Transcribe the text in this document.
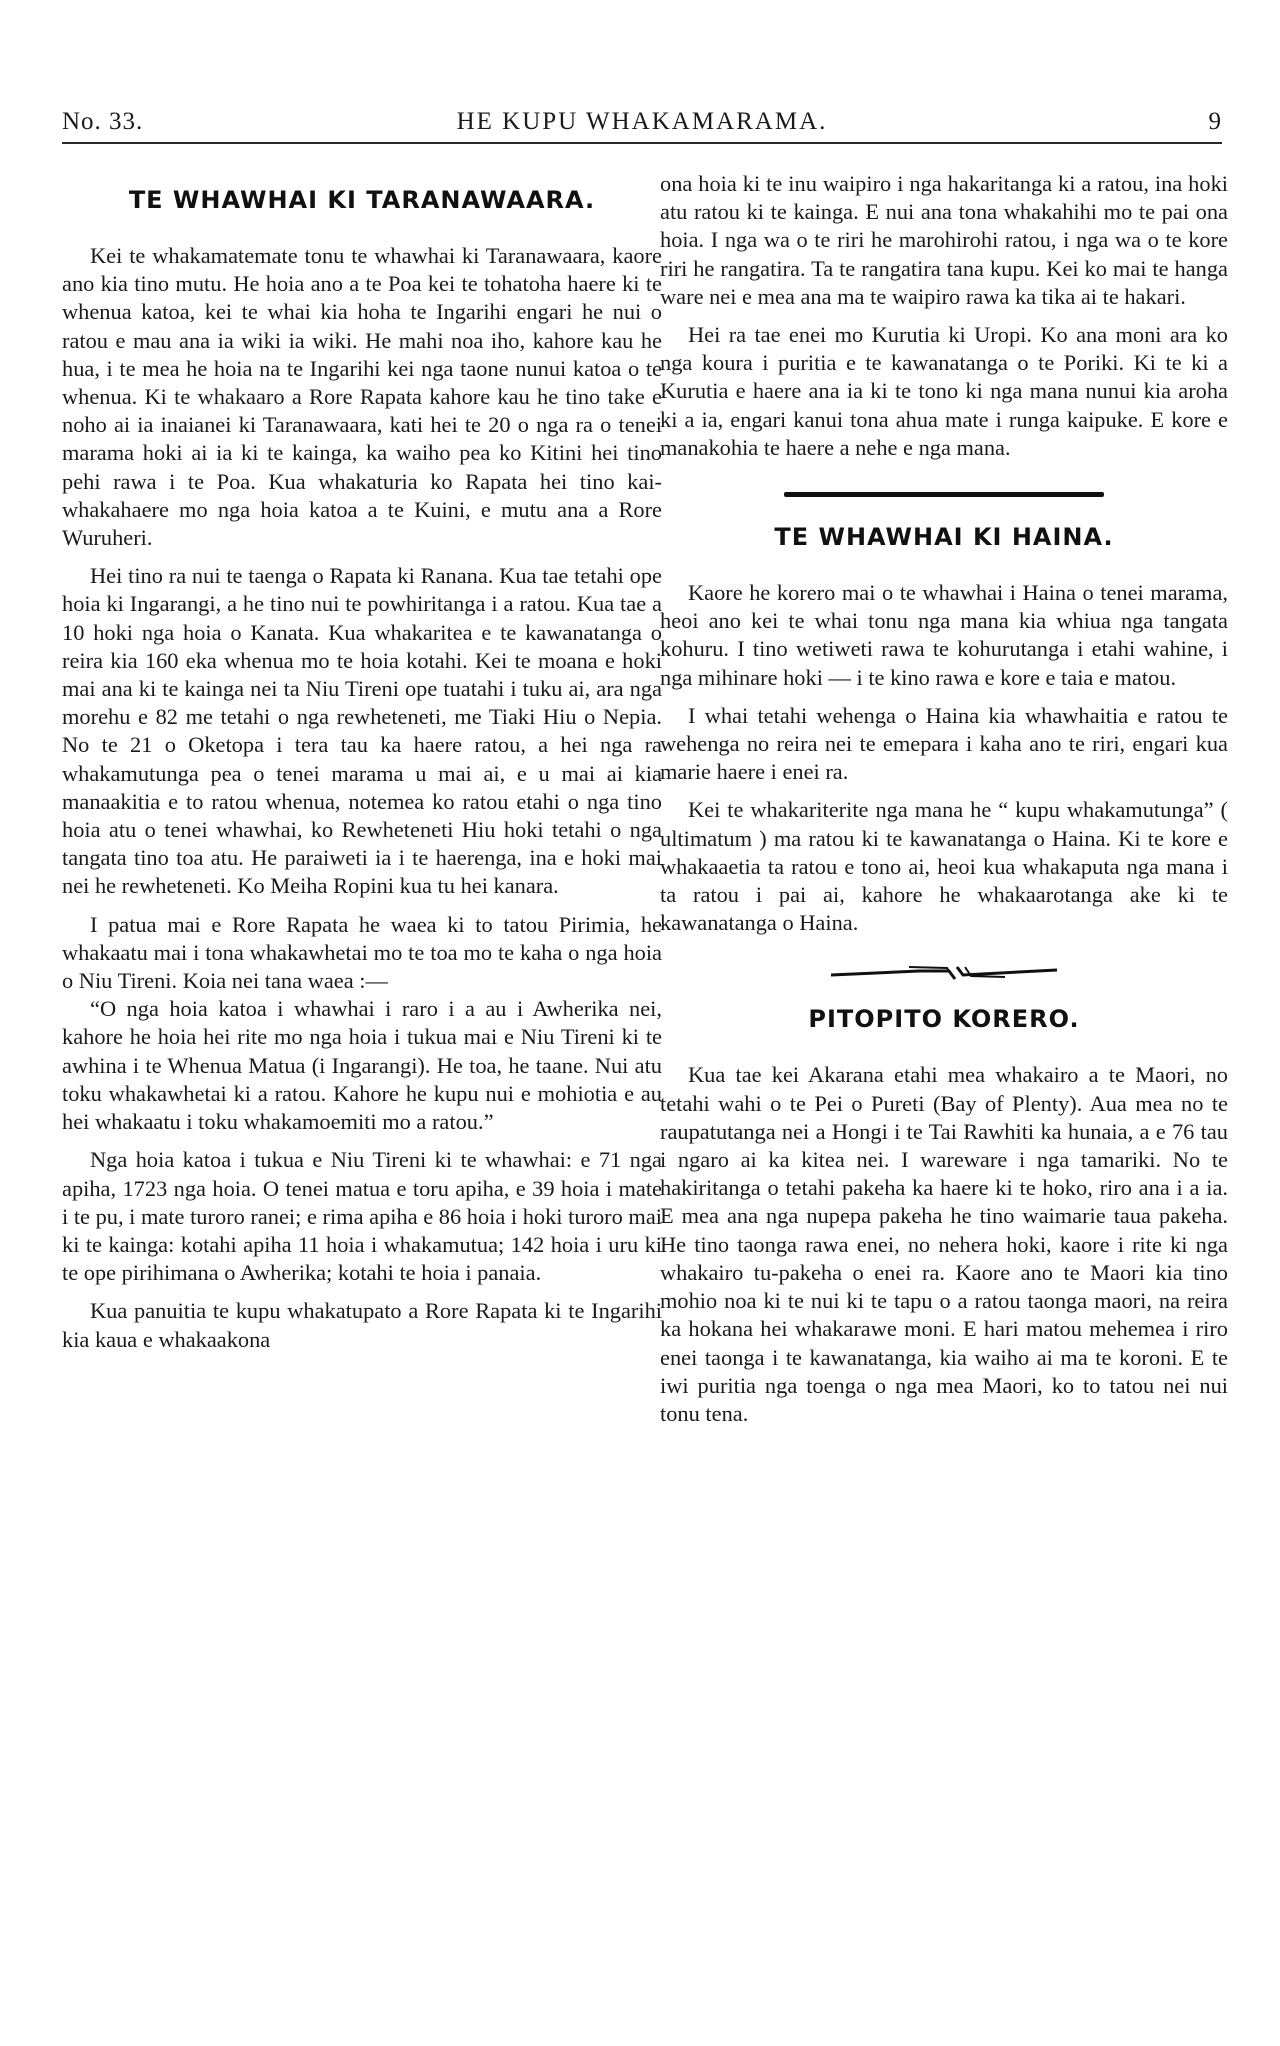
No. 33.	HE KUPU WHAKAMARAMA.	9
TE WHAWHAI KI TARANAWAARA.

Kei te whakamatemate tonu te whawhai ki Taranawaara, kaore ano kia tino mutu. He hoia ano a te Poa kei te tohatoha haere ki te whenua katoa, kei te whai kia hoha te Ingarihi engari he nui o ratou e mau ana ia wiki ia wiki. He mahi noa iho, kahore kau he hua, i te mea he hoia na te Ingarihi kei nga taone nunui katoa o te whenua. Ki te whakaaro a Rore Rapata kahore kau he tino take e noho ai ia inaianei ki Taranawaara, kati hei te 20 o nga ra o tenei marama hoki ai ia ki te kainga, ka waiho pea ko Kitini hei tino pehi rawa i te Poa. Kua whakaturia ko Rapata hei tino kai-whakahaere mo nga hoia katoa a te Kuini, e mutu ana a Rore Wuruheri.

Hei tino ra nui te taenga o Rapata ki Ranana. Kua tae tetahi ope hoia ki Ingarangi, a he tino nui te powhiritanga i a ratou. Kua tae a 10 hoki nga hoia o Kanata. Kua whakaritea e te kawanatanga o reira kia 160 eka whenua mo te hoia kotahi. Kei te moana e hoki mai ana ki te kainga nei ta Niu Tireni ope tuatahi i tuku ai, ara nga morehu e 82 me tetahi o nga rewheteneti, me Tiaki Hiu o Nepia. No te 21 o Oketopa i tera tau ka haere ratou, a hei nga ra whakamutunga pea o tenei marama u mai ai, e u mai ai kia manaakitia e to ratou whenua, notemea ko ratou etahi o nga tino hoia atu o tenei whawhai, ko Rewheteneti Hiu hoki tetahi o nga tangata tino toa atu. He paraiweti ia i te haerenga, ina e hoki mai nei he rewheteneti. Ko Meiha Ropini kua tu hei kanara.

I patua mai e Rore Rapata he waea ki to tatou Pirimia, he whakaatu mai i tona whakawhetai mo te toa mo te kaha o nga hoia o Niu Tireni. Koia nei tana waea :—

“O nga hoia katoa i whawhai i raro i a au i Awherika nei, kahore he hoia hei rite mo nga hoia i tukua mai e Niu Tireni ki te awhina i te Whenua Matua (i Ingarangi). He toa, he taane. Nui atu toku whakawhetai ki a ratou. Kahore he kupu nui e mohiotia e au hei whakaatu i toku whakamoemiti mo a ratou.”

Nga hoia katoa i tukua e Niu Tireni ki te whawhai: e 71 nga apiha, 1723 nga hoia. O tenei matua e toru apiha, e 39 hoia i mate i te pu, i mate turoro ranei; e rima apiha e 86 hoia i hoki turoro mai ki te kainga: kotahi apiha 11 hoia i whakamutua; 142 hoia i uru ki te ope pirihimana o Awherika; kotahi te hoia i panaia.

Kua panuitia te kupu whakatupato a Rore Rapata ki te Ingarihi kia kaua e whakaakona

ona hoia ki te inu waipiro i nga hakaritanga ki a ratou, ina hoki atu ratou ki te kainga. E nui ana tona whakahihi mo te pai ona hoia. I nga wa o te riri he marohirohi ratou, i nga wa o te kore riri he rangatira. Ta te rangatira tana kupu. Kei ko mai te hanga ware nei e mea ana ma te waipiro rawa ka tika ai te hakari.

Hei ra tae enei mo Kurutia ki Uropi. Ko ana moni ara ko nga koura i puritia e te kawanatanga o te Poriki. Ki te ki a Kurutia e haere ana ia ki te tono ki nga mana nunui kia aroha ki a ia, engari kanui tona ahua mate i runga kaipuke. E kore e manakohia te haere a nehe e nga mana.

TE WHAWHAI KI HAINA.

Kaore he korero mai o te whawhai i Haina o tenei marama, heoi ano kei te whai tonu nga mana kia whiua nga tangata kohuru. I tino wetiweti rawa te kohurutanga i etahi wahine, i nga mihinare hoki — i te kino rawa e kore e taia e matou.

I whai tetahi wehenga o Haina kia whawhaitia e ratou te wehenga no reira nei te emepara i kaha ano te riri, engari kua marie haere i enei ra.

Kei te whakariterite nga mana he “ kupu whakamutunga” ( ultimatum ) ma ratou ki te kawanatanga o Haina. Ki te kore e whakaaetia ta ratou e tono ai, heoi kua whakaputa nga mana i ta ratou i pai ai, kahore he whakaarotanga ake ki te kawanatanga o Haina.

PITOPITO KORERO.

Kua tae kei Akarana etahi mea whakairo a te Maori, no tetahi wahi o te Pei o Pureti (Bay of Plenty). Aua mea no te raupatutanga nei a Hongi i te Tai Rawhiti ka hunaia, a e 76 tau i ngaro ai ka kitea nei. I wareware i nga tamariki. No te hakiritanga o tetahi pakeha ka haere ki te hoko, riro ana i a ia. E mea ana nga nupepa pakeha he tino waimarie taua pakeha. He tino taonga rawa enei, no nehera hoki, kaore i rite ki nga whakairo tu-pakeha o enei ra. Kaore ano te Maori kia tino mohio noa ki te nui ki te tapu o a ratou taonga maori, na reira ka hokana hei whakarawe moni. E hari matou mehemea i riro enei taonga i te kawanatanga, kia waiho ai ma te koroni. E te iwi puritia nga toenga o nga mea Maori, ko to tatou nei nui tonu tena.
